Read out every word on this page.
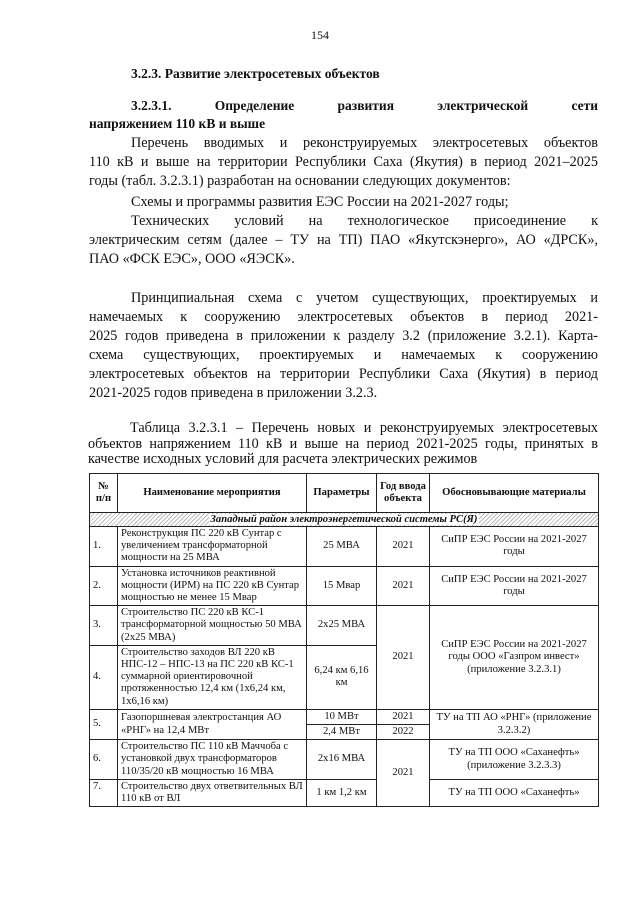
154
3.2.3. Развитие электросетевых объектов
3.2.3.1.	Определение	развития	электрической	сети
напряжением 110 кВ и выше
Перечень вводимых и реконструируемых электросетевых объектов
110 кВ и выше на территории Республики Саха (Якутия) в период 2021–2025
годы (табл. 3.2.3.1) разработан на основании следующих документов:
Схемы и программы развития ЕЭС России на 2021-2027 годы;
Технических условий на технологическое присоединение к
электрическим сетям (далее – ТУ на ТП) ПАО «Якутскэнерго», АО «ДРСК»,
ПАО «ФСК ЕЭС», ООО «ЯЭСК».
Принципиальная схема с учетом существующих, проектируемых и
намечаемых к сооружению электросетевых объектов в период 2021-
2025 годов приведена в приложении к разделу 3.2 (приложение 3.2.1). Карта-
схема существующих, проектируемых и намечаемых к сооружению
электросетевых объектов на территории Республики Саха (Якутия) в период
2021-2025 годов приведена в приложении 3.2.3.
Таблица 3.2.3.1 – Перечень новых и реконструируемых электросетевых
объектов напряжением 110 кВ и выше на период 2021-2025 годы, принятых в
качестве исходных условий для расчета электрических режимов
№ п/п	Наименование мероприятия	Параметры	Год ввода объекта	Обосновывающие материалы
Западный район электроэнергетической системы РС(Я)				
1.	Реконструкция ПС 220 кВ Сунтар с увеличением трансформаторной мощности на 25 МВА	25 МВА	2021	СиПР ЕЭС России на 2021-2027 годы
2.	Установка источников реактивной мощности (ИРМ) на ПС 220 кВ Сунтар мощностью не менее 15 Мвар	15 Мвар	2021	СиПР ЕЭС России на 2021-2027 годы
3.	Строительство ПС 220 кВ КС-1 трансформаторной мощностью 50 МВА (2х25 МВА)	2х25 МВА	2021	СиПР ЕЭС России на 2021-2027 годы ООО «Газпром инвест» (приложение 3.2.3.1)
4.	Строительство заходов ВЛ 220 кВ НПС-12 – НПС-13 на ПС 220 кВ КС-1 суммарной ориентировочной протяженностью 12,4 км (1х6,24 км, 1х6,16 км)	6,24 км 6,16 км		
5.	Газопоршневая электростанция АО «РНГ» на 12,4 МВт	10 МВт	2021	ТУ на ТП АО «РНГ» (приложение 3.2.3.2)
		2,4 МВт	2022	
6.	Строительство ПС 110 кВ Маччоба с установкой двух трансформаторов 110/35/20 кВ мощностью 16 МВА	2х16 МВА	2021	ТУ на ТП ООО «Саханефть» (приложение 3.2.3.3)
7.	Строительство двух ответвительных ВЛ 110 кВ от ВЛ	1 км 1,2 км		ТУ на ТП ООО «Саханефть»
